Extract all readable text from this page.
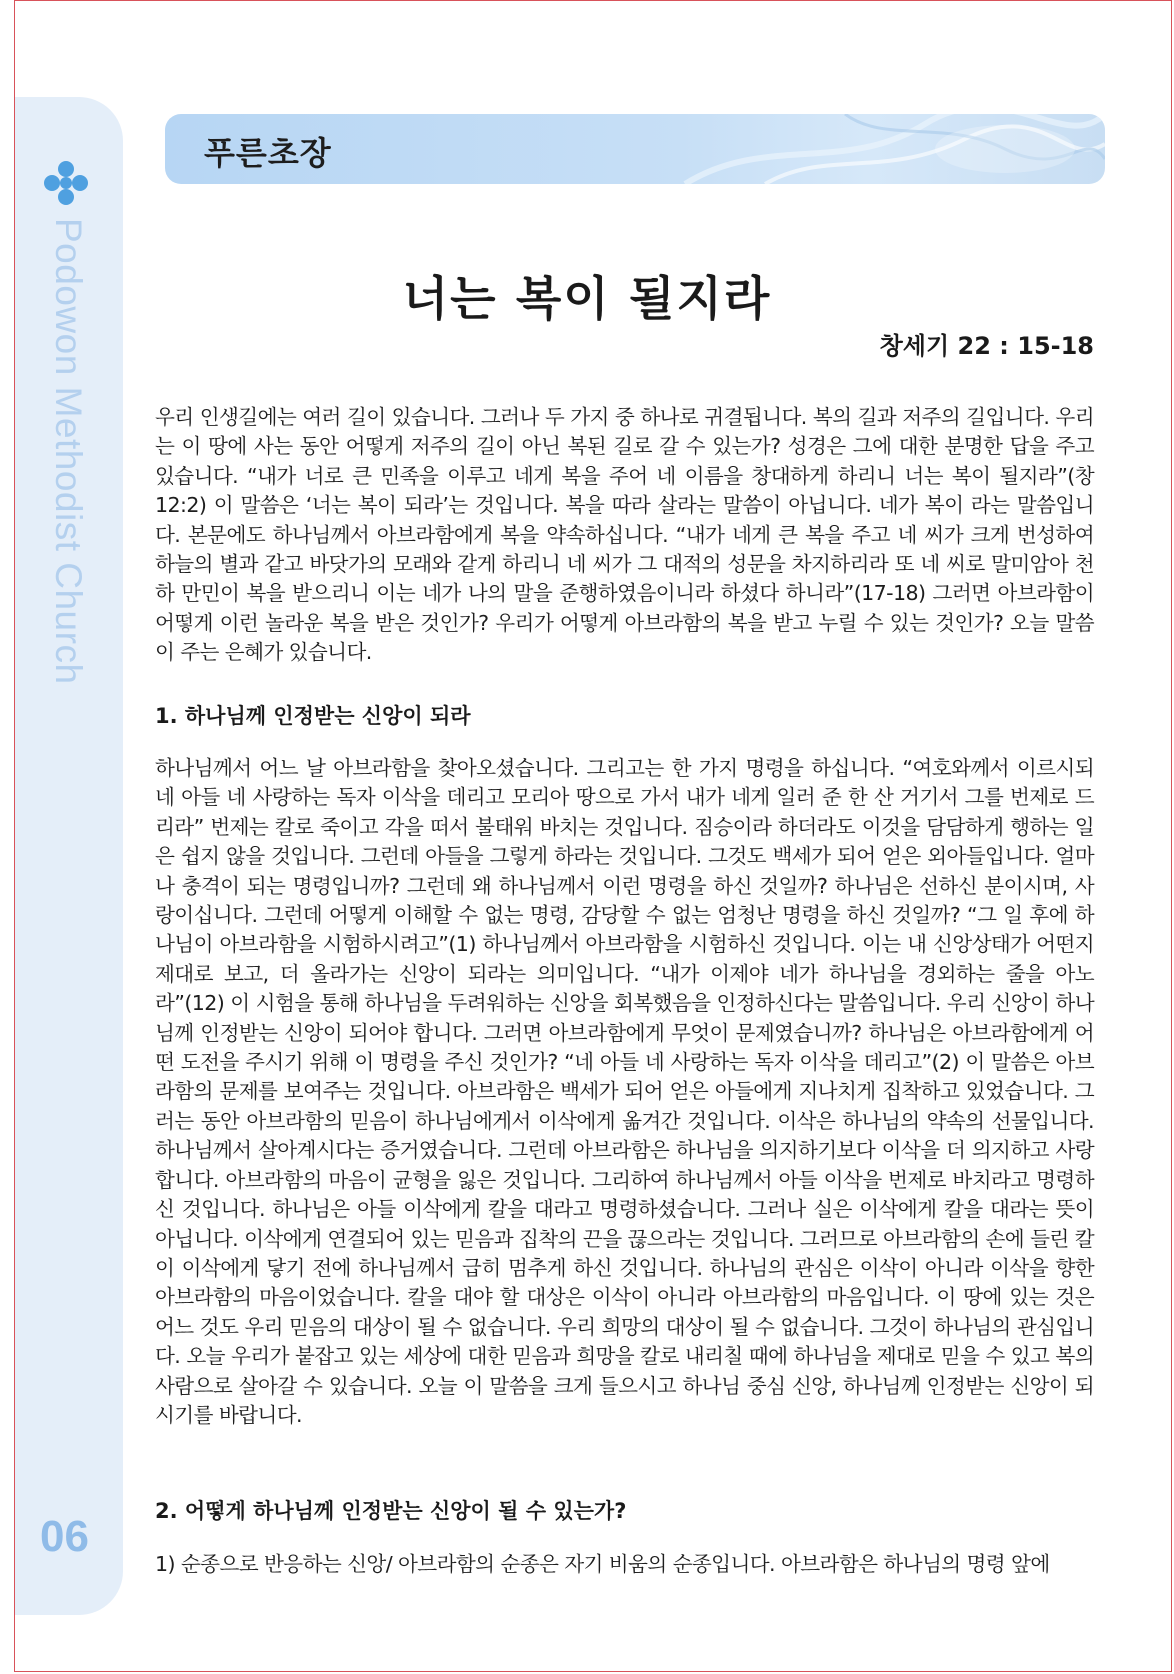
Podowon Methodist Church
06
푸른초장
너는 복이 될지라
창세기 22 : 15-18

우리 인생길에는 여러 길이 있습니다. 그러나 두 가지 중 하나로 귀결됩니다. 복의 길과 저주의 길입니다. 우리는 이 땅에 사는 동안 어떻게 저주의 길이 아닌 복된 길로 갈 수 있는가? 성경은 그에 대한 분명한 답을 주고 있습니다. “내가 너로 큰 민족을 이루고 네게 복을 주어 네 이름을 창대하게 하리니 너는 복이 될지라”(창12:2) 이 말씀은 ‘너는 복이 되라’는 것입니다. 복을 따라 살라는 말씀이 아닙니다. 네가 복이 라는 말씀입니다. 본문에도 하나님께서 아브라함에게 복을 약속하십니다. “내가 네게 큰 복을 주고 네 씨가 크게 번성하여 하늘의 별과 같고 바닷가의 모래와 같게 하리니 네 씨가 그 대적의 성문을 차지하리라 또 네 씨로 말미암아 천하 만민이 복을 받으리니 이는 네가 나의 말을 준행하였음이니라 하셨다 하니라”(17-18) 그러면 아브라함이 어떻게 이런 놀라운 복을 받은 것인가? 우리가 어떻게 아브라함의 복을 받고 누릴 수 있는 것인가? 오늘 말씀이 주는 은혜가 있습니다.

1. 하나님께 인정받는 신앙이 되라

하나님께서 어느 날 아브라함을 찾아오셨습니다. 그리고는 한 가지 명령을 하십니다. “여호와께서 이르시되 네 아들 네 사랑하는 독자 이삭을 데리고 모리아 땅으로 가서 내가 네게 일러 준 한 산 거기서 그를 번제로 드리라” 번제는 칼로 죽이고 각을 떠서 불태워 바치는 것입니다. 짐승이라 하더라도 이것을 담담하게 행하는 일은 쉽지 않을 것입니다. 그런데 아들을 그렇게 하라는 것입니다. 그것도 백세가 되어 얻은 외아들입니다. 얼마나 충격이 되는 명령입니까? 그런데 왜 하나님께서 이런 명령을 하신 것일까? 하나님은 선하신 분이시며, 사랑이십니다. 그런데 어떻게 이해할 수 없는 명령, 감당할 수 없는 엄청난 명령을 하신 것일까? “그 일 후에 하나님이 아브라함을 시험하시려고”(1) 하나님께서 아브라함을 시험하신 것입니다. 이는 내 신앙상태가 어떤지 제대로 보고, 더 올라가는 신앙이 되라는 의미입니다. “내가 이제야 네가 하나님을 경외하는 줄을 아노라”(12) 이 시험을 통해 하나님을 두려워하는 신앙을 회복했음을 인정하신다는 말씀입니다. 우리 신앙이 하나님께 인정받는 신앙이 되어야 합니다. 그러면 아브라함에게 무엇이 문제였습니까? 하나님은 아브라함에게 어떤 도전을 주시기 위해 이 명령을 주신 것인가? “네 아들 네 사랑하는 독자 이삭을 데리고”(2) 이 말씀은 아브라함의 문제를 보여주는 것입니다. 아브라함은 백세가 되어 얻은 아들에게 지나치게 집착하고 있었습니다. 그러는 동안 아브라함의 믿음이 하나님에게서 이삭에게 옮겨간 것입니다. 이삭은 하나님의 약속의 선물입니다. 하나님께서 살아계시다는 증거였습니다. 그런데 아브라함은 하나님을 의지하기보다 이삭을 더 의지하고 사랑합니다. 아브라함의 마음이 균형을 잃은 것입니다. 그리하여 하나님께서 아들 이삭을 번제로 바치라고 명령하신 것입니다. 하나님은 아들 이삭에게 칼을 대라고 명령하셨습니다. 그러나 실은 이삭에게 칼을 대라는 뜻이 아닙니다. 이삭에게 연결되어 있는 믿음과 집착의 끈을 끊으라는 것입니다. 그러므로 아브라함의 손에 들린 칼이 이삭에게 닿기 전에 하나님께서 급히 멈추게 하신 것입니다. 하나님의 관심은 이삭이 아니라 이삭을 향한 아브라함의 마음이었습니다. 칼을 대야 할 대상은 이삭이 아니라 아브라함의 마음입니다. 이 땅에 있는 것은 어느 것도 우리 믿음의 대상이 될 수 없습니다. 우리 희망의 대상이 될 수 없습니다. 그것이 하나님의 관심입니다. 오늘 우리가 붙잡고 있는 세상에 대한 믿음과 희망을 칼로 내리칠 때에 하나님을 제대로 믿을 수 있고 복의 사람으로 살아갈 수 있습니다. 오늘 이 말씀을 크게 들으시고 하나님 중심 신앙, 하나님께 인정받는 신앙이 되시기를 바랍니다.

2. 어떻게 하나님께 인정받는 신앙이 될 수 있는가?

1) 순종으로 반응하는 신앙/ 아브라함의 순종은 자기 비움의 순종입니다. 아브라함은 하나님의 명령 앞에
